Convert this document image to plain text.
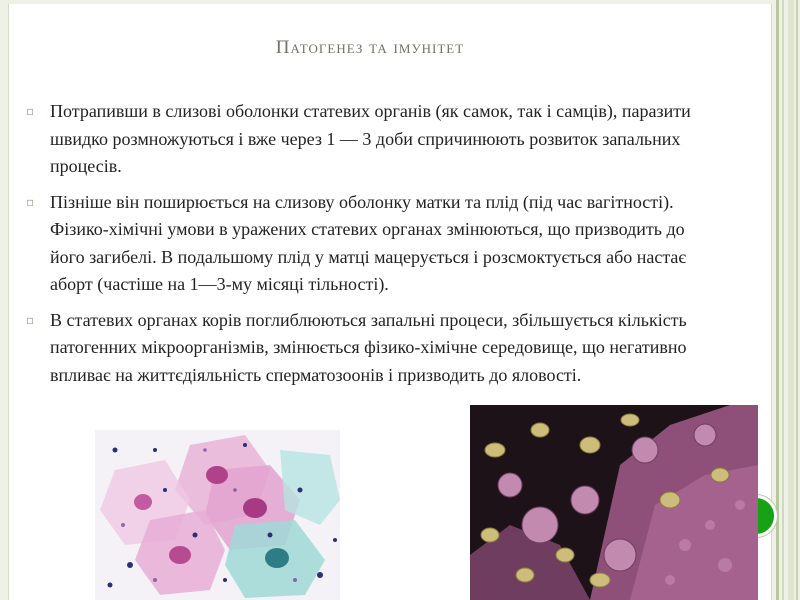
Патогенез та імунітет

▫ Потрапивши в слизові оболонки статевих органів (як самок, так і самців), паразити швидко розмножуються і вже через 1 — 3 доби спричинюють розвиток запальних процесів.

▫ Пізніше він поширюється на слизову оболонку матки та плід (під час вагітності). Фізико-хімічні умови в уражених статевих органах змінюються, що призводить до його загибелі. В подальшому плід у матці мацерується і розсмоктується або настає аборт (частіше на 1—3-му місяці тільності).

▫ В статевих органах корів поглиблюються запальні процеси, збільшується кількість патогенних мікроорганізмів, змінюється фізико-хімічне середовище, що негативно впливає на життєдіяльність сперматозоонів і призводить до яловості.
